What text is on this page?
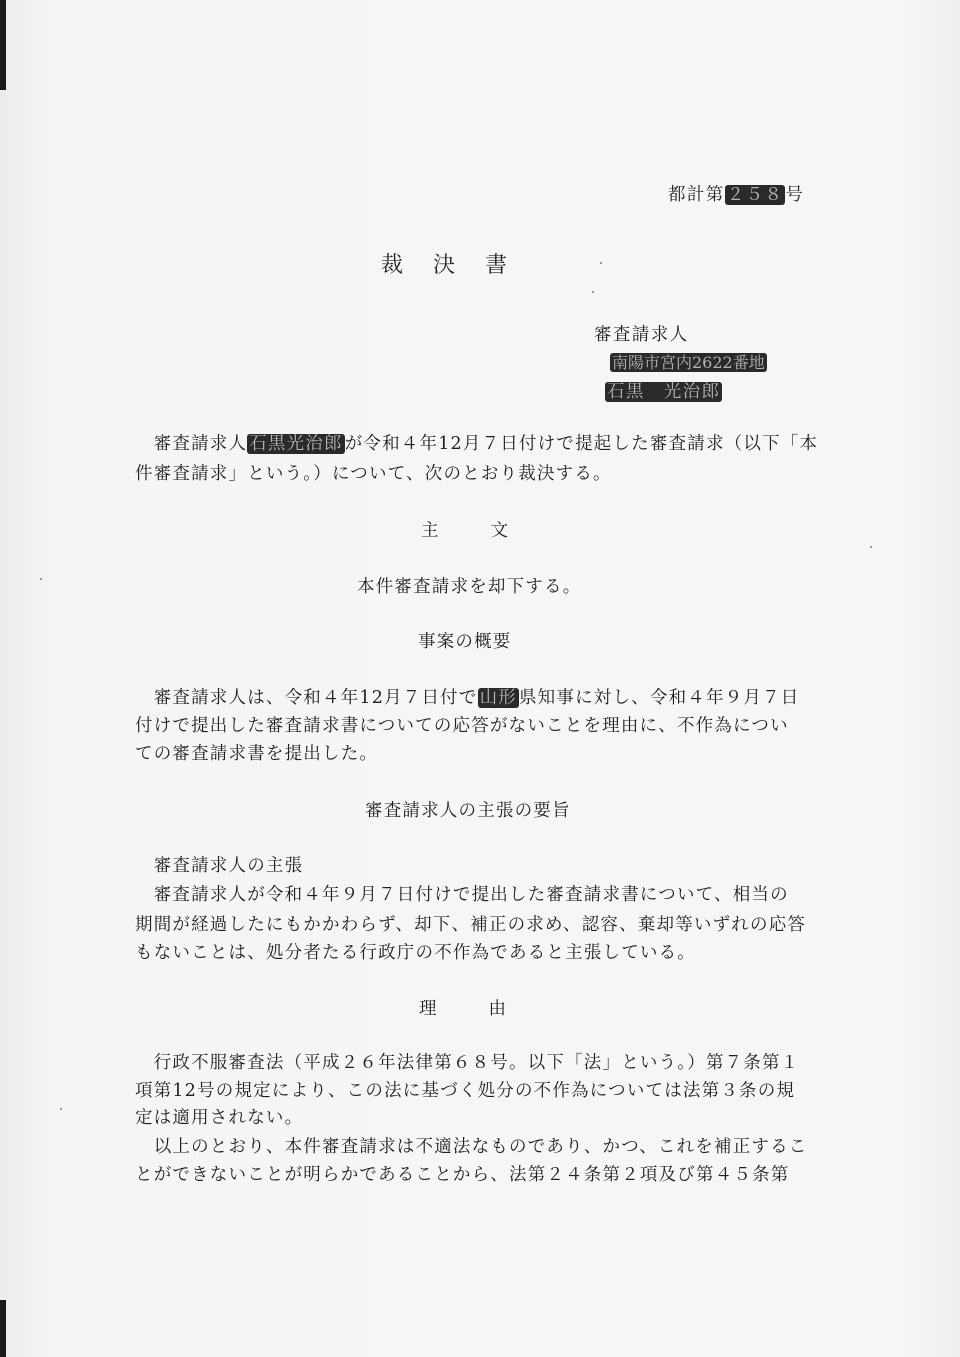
都計第 ２５８ 号
裁決書
審査請求人
南陽市宮内2622番地
石黒　光治郎
　審査請求人 石黒光治郎 が令和４年12月７日付けで提起した審査請求（以下「本
件審査請求」という。）について、次のとおり裁決する。
主文
本件審査請求を却下する。
事案の概要
　審査請求人は、令和４年12月７日付で 山形 県知事に対し、令和４年９月７日
付けで提出した審査請求書についての応答がないことを理由に、不作為につい
ての審査請求書を提出した。
審査請求人の主張の要旨
　審査請求人の主張
　審査請求人が令和４年９月７日付けで提出した審査請求書について、相当の
期間が経過したにもかかわらず、却下、補正の求め、認容、棄却等いずれの応答
もないことは、処分者たる行政庁の不作為であると主張している。
理由
　行政不服審査法（平成２６年法律第６８号。以下「法」という。）第７条第１
項第12号の規定により、この法に基づく処分の不作為については法第３条の規
定は適用されない。
　以上のとおり、本件審査請求は不適法なものであり、かつ、これを補正するこ
とができないことが明らかであることから、法第２４条第２項及び第４５条第
